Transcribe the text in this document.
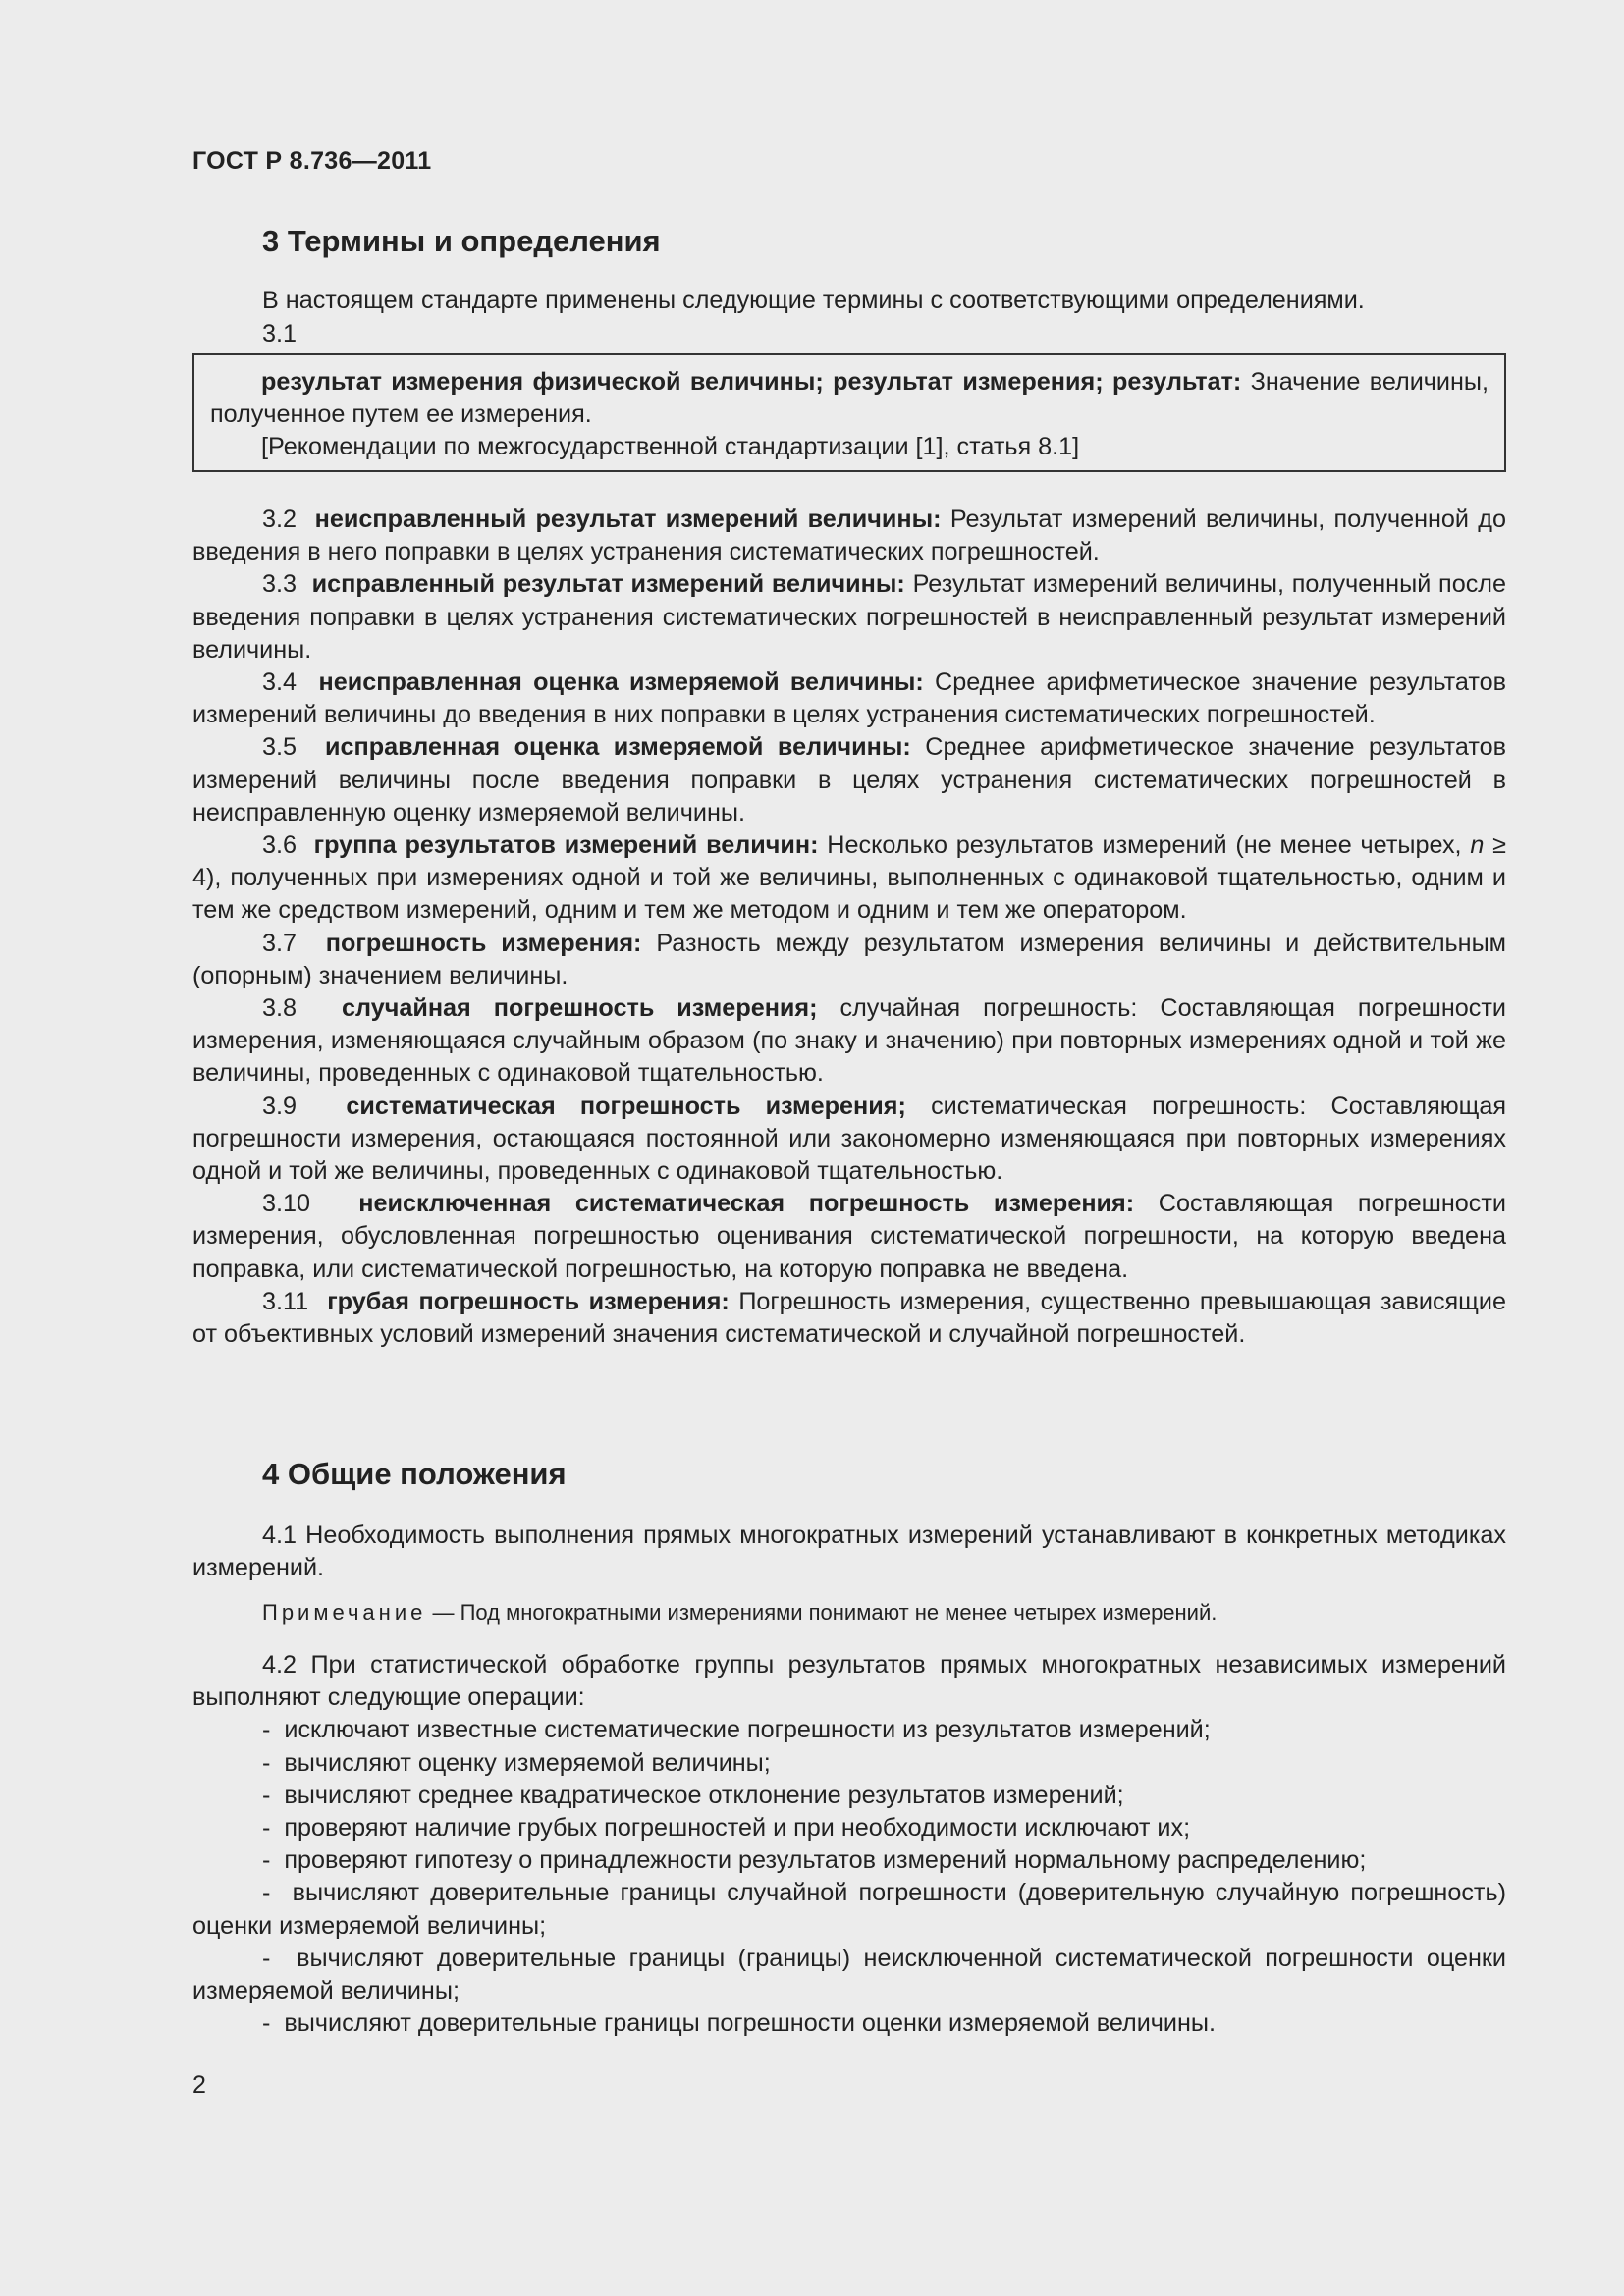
ГОСТ Р 8.736—2011
3 Термины и определения
В настоящем стандарте применены следующие термины с соответствующими определениями.
3.1

результат измерения физической величины; результат измерения; результат: Значение величины, полученное путем ее измерения.

[Рекомендации по межгосударственной стандартизации [1], статья 8.1]

3.2 неисправленный результат измерений величины: Результат измерений величины, полученной до введения в него поправки в целях устранения систематических погрешностей.

3.3 исправленный результат измерений величины: Результат измерений величины, полученный после введения поправки в целях устранения систематических погрешностей в неисправленный результат измерений величины.

3.4 неисправленная оценка измеряемой величины: Среднее арифметическое значение результатов измерений величины до введения в них поправки в целях устранения систематических погрешностей.

3.5 исправленная оценка измеряемой величины: Среднее арифметическое значение результатов измерений величины после введения поправки в целях устранения систематических погрешностей в неисправленную оценку измеряемой величины.

3.6 группа результатов измерений величин: Несколько результатов измерений (не менее четырех, n ≥ 4), полученных при измерениях одной и той же величины, выполненных с одинаковой тщательностью, одним и тем же средством измерений, одним и тем же методом и одним и тем же оператором.

3.7 погрешность измерения: Разность между результатом измерения величины и действительным (опорным) значением величины.

3.8 случайная погрешность измерения; случайная погрешность: Составляющая погрешности измерения, изменяющаяся случайным образом (по знаку и значению) при повторных измерениях одной и той же величины, проведенных с одинаковой тщательностью.

3.9 систематическая погрешность измерения; систематическая погрешность: Составляющая погрешности измерения, остающаяся постоянной или закономерно изменяющаяся при повторных измерениях одной и той же величины, проведенных с одинаковой тщательностью.

3.10 неисключенная систематическая погрешность измерения: Составляющая погрешности измерения, обусловленная погрешностью оценивания систематической погрешности, на которую введена поправка, или систематической погрешностью, на которую поправка не введена.

3.11 грубая погрешность измерения: Погрешность измерения, существенно превышающая зависящие от объективных условий измерений значения систематической и случайной погрешностей.

4 Общие положения

4.1 Необходимость выполнения прямых многократных измерений устанавливают в конкретных методиках измерений.

Примечание — Под многократными измерениями понимают не менее четырех измерений.

4.2 При статистической обработке группы результатов прямых многократных независимых измерений выполняют следующие операции:

-  исключают известные систематические погрешности из результатов измерений;

-  вычисляют оценку измеряемой величины;

-  вычисляют среднее квадратическое отклонение результатов измерений;

-  проверяют наличие грубых погрешностей и при необходимости исключают их;

-  проверяют гипотезу о принадлежности результатов измерений нормальному распределению;

-  вычисляют доверительные границы случайной погрешности (доверительную случайную погрешность) оценки измеряемой величины;

-  вычисляют доверительные границы (границы) неисключенной систематической погрешности оценки измеряемой величины;

-  вычисляют доверительные границы погрешности оценки измеряемой величины.

2
